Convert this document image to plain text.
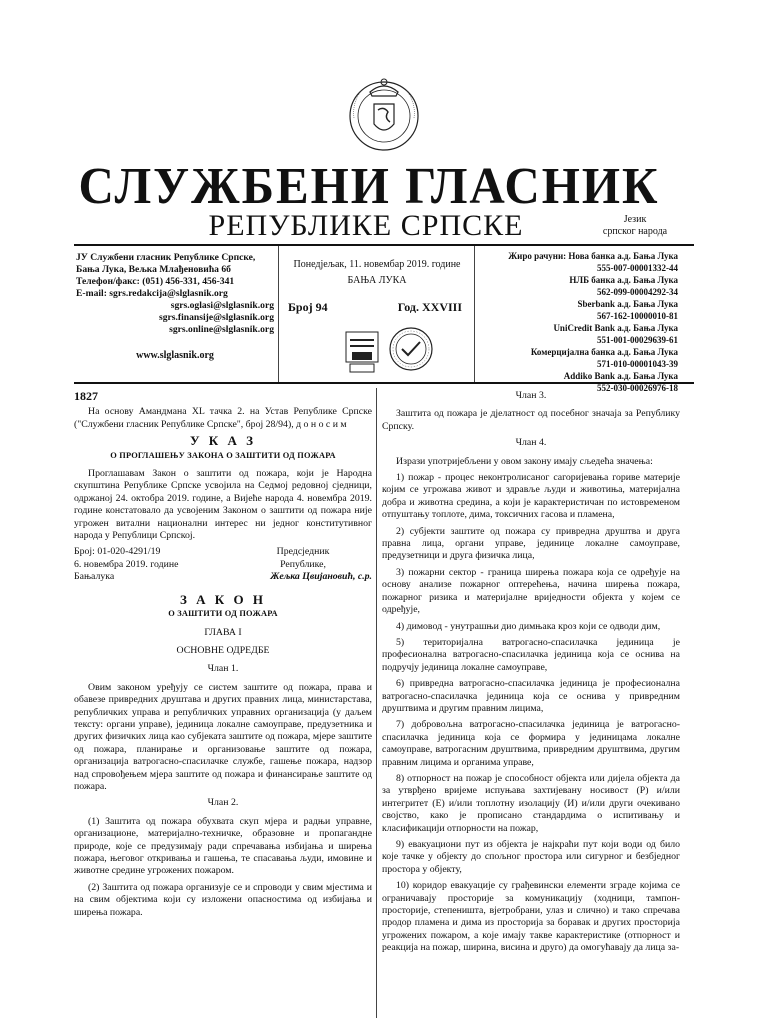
СЛУЖБЕНИ ГЛАСНИК
РЕПУБЛИКЕ СРПСКЕ	Језик
српског народа
ЈУ Службени гласник Републике Српске,
Бања Лука, Вељка Млађеновића 6б
Телефон/факс: (051) 456-331, 456-341
E-mail: sgrs.redakcija@slglasnik.org
sgrs.oglasi@slglasnik.org
sgrs.finansije@slglasnik.org
sgrs.online@slglasnik.org
www.slglasnik.org
Понедјељак, 11. новембар 2019. године
БАЊА ЛУКА
Број 94	Год. XXVIII
Жиро рачуни: Нова банка а.д. Бања Лука
555-007-00001332-44
НЛБ банка а.д. Бања Лука
562-099-00004292-34
Sberbank а.д. Бања Лука
567-162-10000010-81
UniCredit Bank а.д. Бања Лука
551-001-00029639-61
Комерцијална банка а.д. Бања Лука
571-010-00001043-39
Addiko Bank а.д. Бања Лука
552-030-00026976-18
1827

На основу Амандмана XL тачка 2. на Устав Републике Српске ("Службени гласник Републике Српске", број 28/94), д о н о с и м

У К А З
О ПРОГЛАШЕЊУ ЗАКОНА О ЗАШТИТИ ОД ПОЖАРА

Проглашавам Закон о заштити од пожара, који је Народна скупштина Републике Српске усвојила на Седмој редовној сједници, одржаној 24. октобра 2019. године, а Вијеће народа 4. новембра 2019. године констатовало да усвојеним Законом о заштити од пожара није угрожен витални национални интерес ни једног конститутивног народа у Републици Српској.

Број: 01-020-4291/19
6. новембра 2019. године
Бањалука
Предсједник
Републике,
Жељка Цвијановић, с.р.
З А К О Н
О ЗАШТИТИ ОД ПОЖАРА
ГЛАВА I
ОСНОВНЕ ОДРЕДБЕ
Члан 1.

Овим законом уређују се систем заштите од пожара, права и обавезе привредних друштава и других правних лица, министарстава, републичких управа и републичких управних организација (у даљем тексту: органи управе), јединица локалне самоуправе, предузетника и других физичких лица као субјеката заштите од пожара, мјере заштите од пожара, планирање и организовање заштите од пожара, организација ватрогасно-спасилачке службе, гашење пожара, надзор над спровођењем мјера заштите од пожара и финансирање заштите од пожара.

Члан 2.

(1) Заштита од пожара обухвата скуп мјера и радњи управне, организационе, материјално-техничке, образовне и пропагандне природе, које се предузимају ради спречавања избијања и ширења пожара, његовог откривања и гашења, те спасавања људи, имовине и животне средине угрожених пожаром.

(2) Заштита од пожара организује се и спроводи у свим мјестима и на свим објектима који су изложени опасностима од избијања и ширења пожара.

Члан 3.

Заштита од пожара је дјелатност од посебног значаја за Републику Српску.

Члан 4.

Изрази употријебљени у овом закону имају сљедећа значења:

1) пожар - процес неконтролисаног сагоријевања горивe материје којим се угрожава живот и здравље људи и животиња, материјална добра и животна средина, а који је карактеристичан по истовременом отпуштању топлоте, дима, токсичних гасова и пламена,

2) субјекти заштите од пожара су привредна друштва и друга правна лица, органи управе, јединице локалне самоуправе, предузетници и друга физичка лица,

3) пожарни сектор - граница ширења пожара која се одређује на основу анализе пожарног оптерећења, начина ширења пожара, пожарног ризика и материјалне вриједности објекта у којем се одређује,

4) димовод - унутрашњи дио димњака кроз који се одводи дим,

5) територијална ватрогасно-спасилачка јединица је професионална ватрогасно-спасилачка јединица која се оснива на подручју јединица локалне самоуправе,

6) привредна ватрогасно-спасилачка јединица је професионална ватрогасно-спасилачка јединица која се оснива у привредним друштвима и другим правним лицима,

7) добровољна ватрогасно-спасилачка јединица је ватрогасно-спасилачка јединица која се формира у јединицама локалне самоуправе, ватрогасним друштвима, привредним друштвима, другим правним лицима и органима управе,

8) отпорност на пожар је способност објекта или дијела објекта да за утврђено вријеме испуњава захтијевану носивост (Р) и/или интегритет (Е) и/или топлотну изолацију (И) и/или други очекивано својство, како је прописано стандардима о испитивању и класификацији отпорности на пожар,

9) евакуациони пут из објекта је најкраћи пут који води од било које тачке у објекту до спољног простора или сигурног и безбједног простора у објекту,

10) коридор евакуације су грађевински елементи зграде којима се ограничавају просторије за комуникацију (ходници, тампон-просторије, степеништа, вјетробрани, улаз и слично) и тако спречава продор пламена и дима из просторија за боравак и других просторија угрожених пожаром, а које имају такве карактеристике (отпорност и реакција на пожар, ширина, висина и друго) да омогућавају да лица за-
